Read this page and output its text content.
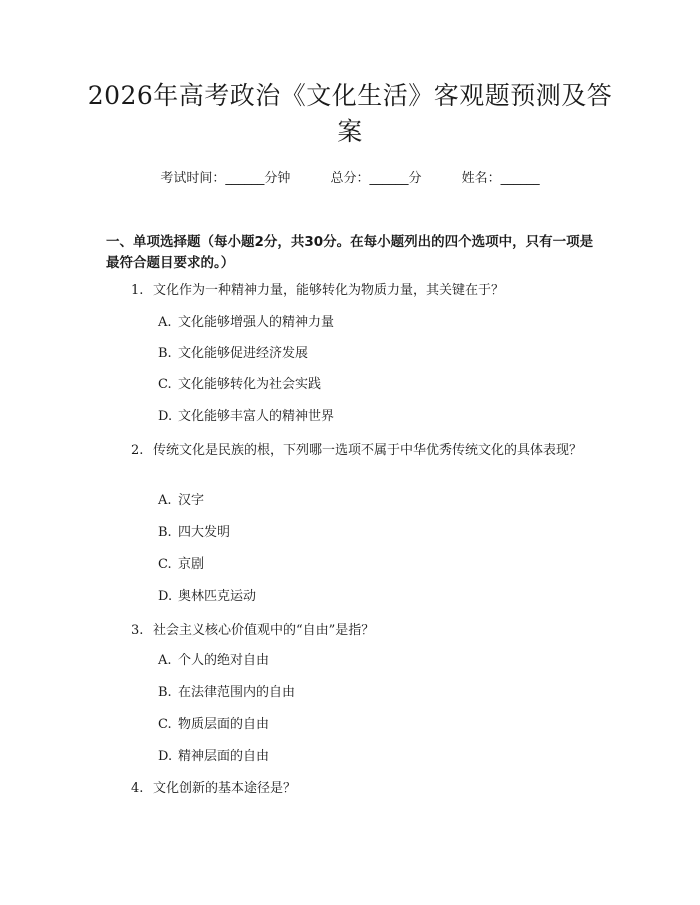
2026年高考政治《文化生活》客观题预测及答案
考试时间：______分钟	总分：______分	姓名：______
一、单项选择题（每小题2分，共30分。在每小题列出的四个选项中，只有一项是最符合题目要求的。）
1. 文化作为一种精神力量，能够转化为物质力量，其关键在于？
A. 文化能够增强人的精神力量
B. 文化能够促进经济发展
C. 文化能够转化为社会实践
D. 文化能够丰富人的精神世界
2. 传统文化是民族的根，下列哪一选项不属于中华优秀传统文化的具体表现？
A. 汉字
B. 四大发明
C. 京剧
D. 奥林匹克运动
3. 社会主义核心价值观中的“自由”是指？
A. 个人的绝对自由
B. 在法律范围内的自由
C. 物质层面的自由
D. 精神层面的自由
4. 文化创新的基本途径是？
